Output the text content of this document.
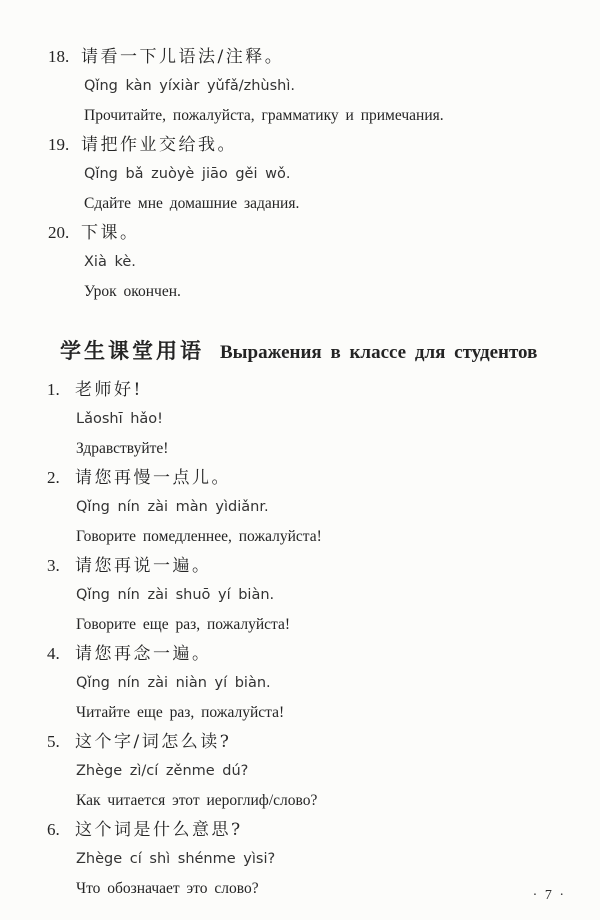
18. 请看一下儿语法/注释。
Qǐng kàn yíxiàr yǔfǎ/zhùshì.
Прочитайте, пожалуйста, грамматику и примечания.
19. 请把作业交给我。
Qǐng bǎ zuòyè jiāo gěi wǒ.
Сдайте мне домашние задания.
20. 下课。
Xià kè.
Урок окончен.
学生课堂用语 Выражения в классе для студентов
1. 老师好!
Lǎoshī hǎo!
Здравствуйте!
2. 请您再慢一点儿。
Qǐng nín zài màn yìdiǎnr.
Говорите помедленнее, пожалуйста!
3. 请您再说一遍。
Qǐng nín zài shuō yí biàn.
Говорите еще раз, пожалуйста!
4. 请您再念一遍。
Qǐng nín zài niàn yí biàn.
Читайте еще раз, пожалуйста!
5. 这个字/词怎么读?
Zhège zì/cí zěnme dú?
Как читается этот иероглиф/слово?
6. 这个词是什么意思?
Zhège cí shì shénme yìsi?
Что обозначает это слово?	· 7 ·
